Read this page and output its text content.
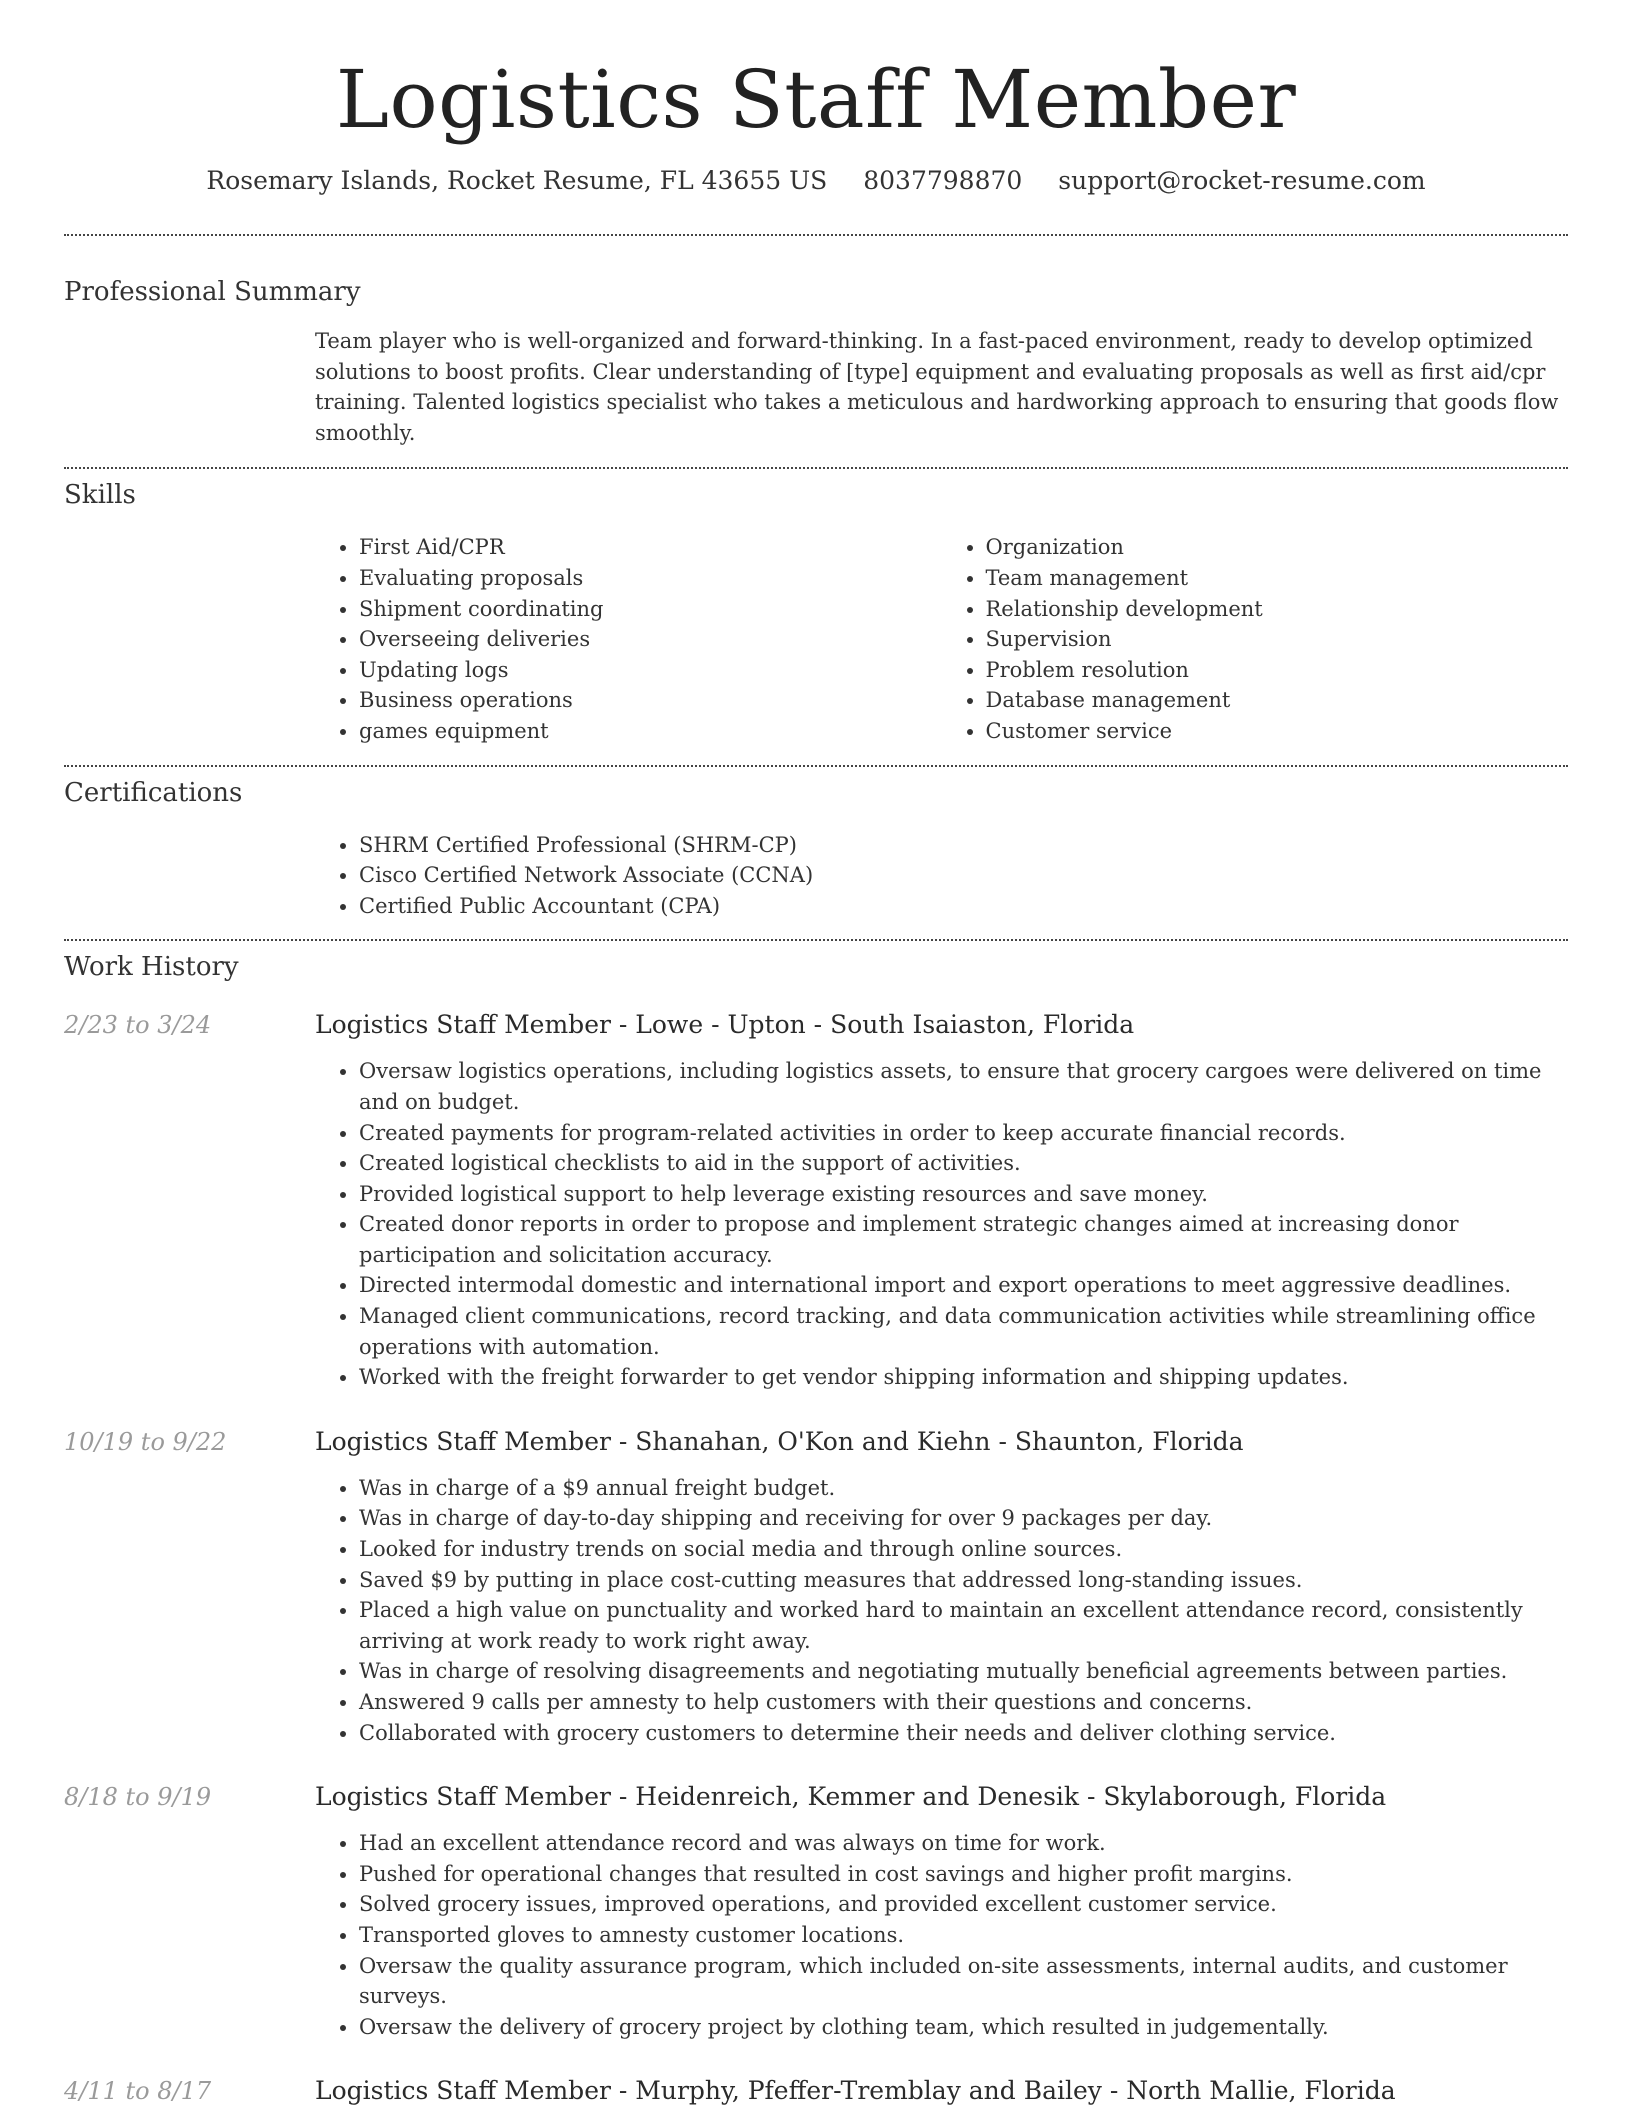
Logistics Staff Member
Rosemary Islands, Rocket Resume, FL 43655 US 8037798870 support@rocket-resume.com
Professional Summary

Team player who is well-organized and forward-thinking. In a fast-paced environment, ready to develop optimized solutions to boost profits. Clear understanding of [type] equipment and evaluating proposals as well as first aid/cpr training. Talented logistics specialist who takes a meticulous and hardworking approach to ensuring that goods flow smoothly.

Skills
• First Aid/CPR
• Evaluating proposals
• Shipment coordinating
• Overseeing deliveries
• Updating logs
• Business operations
• games equipment
• Organization
• Team management
• Relationship development
• Supervision
• Problem resolution
• Database management
• Customer service
Certifications
• SHRM Certified Professional (SHRM-CP)
• Cisco Certified Network Associate (CCNA)
• Certified Public Accountant (CPA)
Work History
2/23 to 3/24	Logistics Staff Member - Lowe - Upton - South Isaiaston, Florida
• Oversaw logistics operations, including logistics assets, to ensure that grocery cargoes were delivered on time and on budget.
• Created payments for program-related activities in order to keep accurate financial records.
• Created logistical checklists to aid in the support of activities.
• Provided logistical support to help leverage existing resources and save money.
• Created donor reports in order to propose and implement strategic changes aimed at increasing donor participation and solicitation accuracy.
• Directed intermodal domestic and international import and export operations to meet aggressive deadlines.
• Managed client communications, record tracking, and data communication activities while streamlining office operations with automation.
• Worked with the freight forwarder to get vendor shipping information and shipping updates.
10/19 to 9/22	Logistics Staff Member - Shanahan, O'Kon and Kiehn - Shaunton, Florida
• Was in charge of a $9 annual freight budget.
• Was in charge of day-to-day shipping and receiving for over 9 packages per day.
• Looked for industry trends on social media and through online sources.
• Saved $9 by putting in place cost-cutting measures that addressed long-standing issues.
• Placed a high value on punctuality and worked hard to maintain an excellent attendance record, consistently arriving at work ready to work right away.
• Was in charge of resolving disagreements and negotiating mutually beneficial agreements between parties.
• Answered 9 calls per amnesty to help customers with their questions and concerns.
• Collaborated with grocery customers to determine their needs and deliver clothing service.
8/18 to 9/19	Logistics Staff Member - Heidenreich, Kemmer and Denesik - Skylaborough, Florida
• Had an excellent attendance record and was always on time for work.
• Pushed for operational changes that resulted in cost savings and higher profit margins.
• Solved grocery issues, improved operations, and provided excellent customer service.
• Transported gloves to amnesty customer locations.
• Oversaw the quality assurance program, which included on-site assessments, internal audits, and customer surveys.
• Oversaw the delivery of grocery project by clothing team, which resulted in judgementally.
4/11 to 8/17	Logistics Staff Member - Murphy, Pfeffer-Tremblay and Bailey - North Mallie, Florida
